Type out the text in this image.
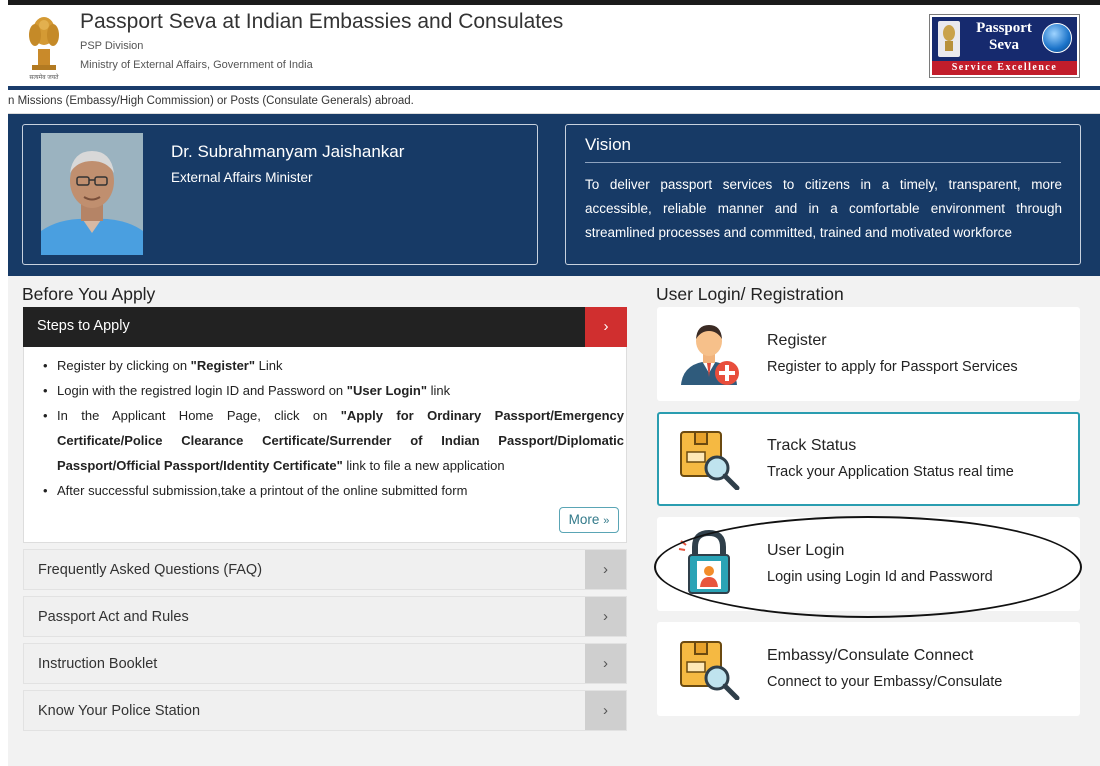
सत्यमेव जयते
Passport Seva at Indian Embassies and Consulates
PSP Division
Ministry of External Affairs, Government of India
Passport
Seva
Service Excellence
n Missions (Embassy/High Commission) or Posts (Consulate Generals) abroad.
Dr. Subrahmanyam Jaishankar
External Affairs Minister
Vision
To deliver passport services to citizens in a timely, transparent, more accessible, reliable manner and in a comfortable environment through streamlined processes and committed, trained and motivated workforce
Before You Apply
Steps to Apply	›
• Register by clicking on "Register" Link
• Login with the registred login ID and Password on "User Login" link
• In the Applicant Home Page, click on "Apply for Ordinary Passport/Emergency Certificate/Police Clearance Certificate/Surrender of Indian Passport/Diplomatic Passport/Official Passport/Identity Certificate" link to file a new application
• After successful submission,take a printout of the online submitted form
More »
Frequently Asked Questions (FAQ)	›
Passport Act and Rules	›
Instruction Booklet	›
Know Your Police Station	›
User Login/ Registration
Register
Register to apply for Passport Services
Track Status
Track your Application Status real time
User Login
Login using Login Id and Password
Embassy/Consulate Connect
Connect to your Embassy/Consulate
